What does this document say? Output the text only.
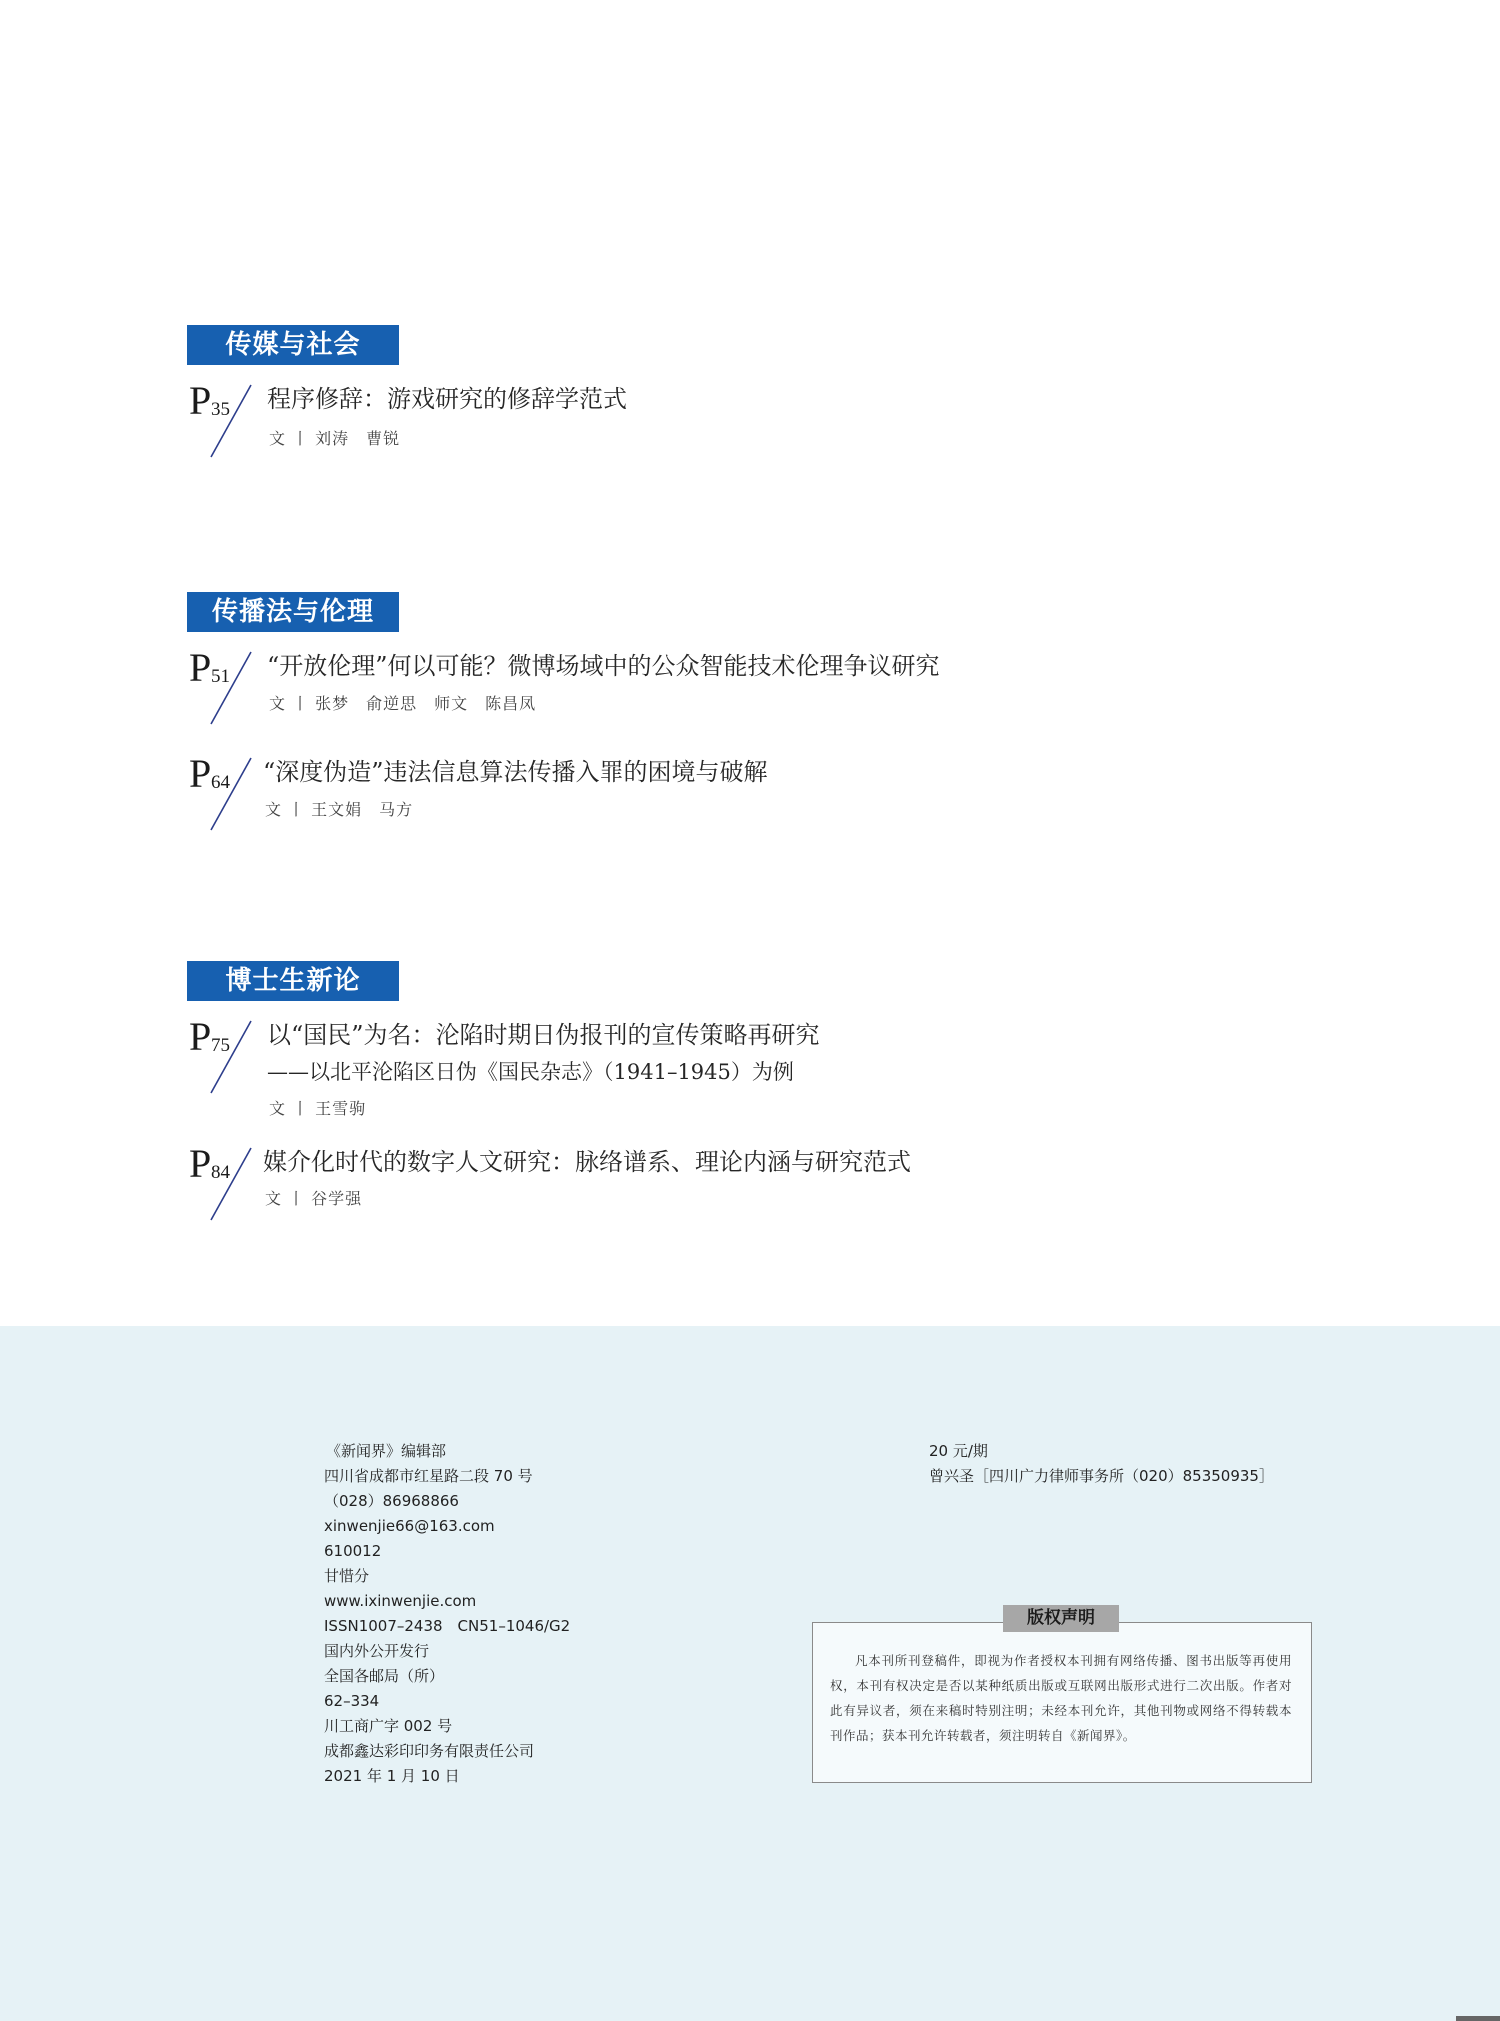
传媒与社会
P 35 程序修辞：游戏研究的修辞学范式
文 丨 刘涛　曹锐
传播法与伦理
P 51 “开放伦理”何以可能？微博场域中的公众智能技术伦理争议研究
文 丨 张梦　俞逆思　师文　陈昌凤
P 64 “深度伪造”违法信息算法传播入罪的困境与破解
文 丨 王文娟　马方
博士生新论
P 75 以“国民”为名：沦陷时期日伪报刊的宣传策略再研究
——以北平沦陷区日伪《国民杂志》（1941–1945）为例
文 丨 王雪驹
P 84 媒介化时代的数字人文研究：脉络谱系、理论内涵与研究范式
文 丨 谷学强
《新闻界》编辑部
四川省成都市红星路二段 70 号
（028）86968866
xinwenjie66@163.com
610012
甘惜分
www.ixinwenjie.com
ISSN1007–2438　CN51–1046/G2
国内外公开发行
全国各邮局（所）
62–334
川工商广字 002 号
成都鑫达彩印印务有限责任公司
2021 年 1 月 10 日
20 元/期
曾兴圣［四川广力律师事务所（020）85350935］
版权声明
凡本刊所刊登稿件，即视为作者授权本刊拥有网络传播、图书出版等再使用权，本刊有权决定是否以某种纸质出版或互联网出版形式进行二次出版。作者对此有异议者，须在来稿时特别注明；未经本刊允许，其他刊物或网络不得转载本刊作品；获本刊允许转载者，须注明转自《新闻界》。
